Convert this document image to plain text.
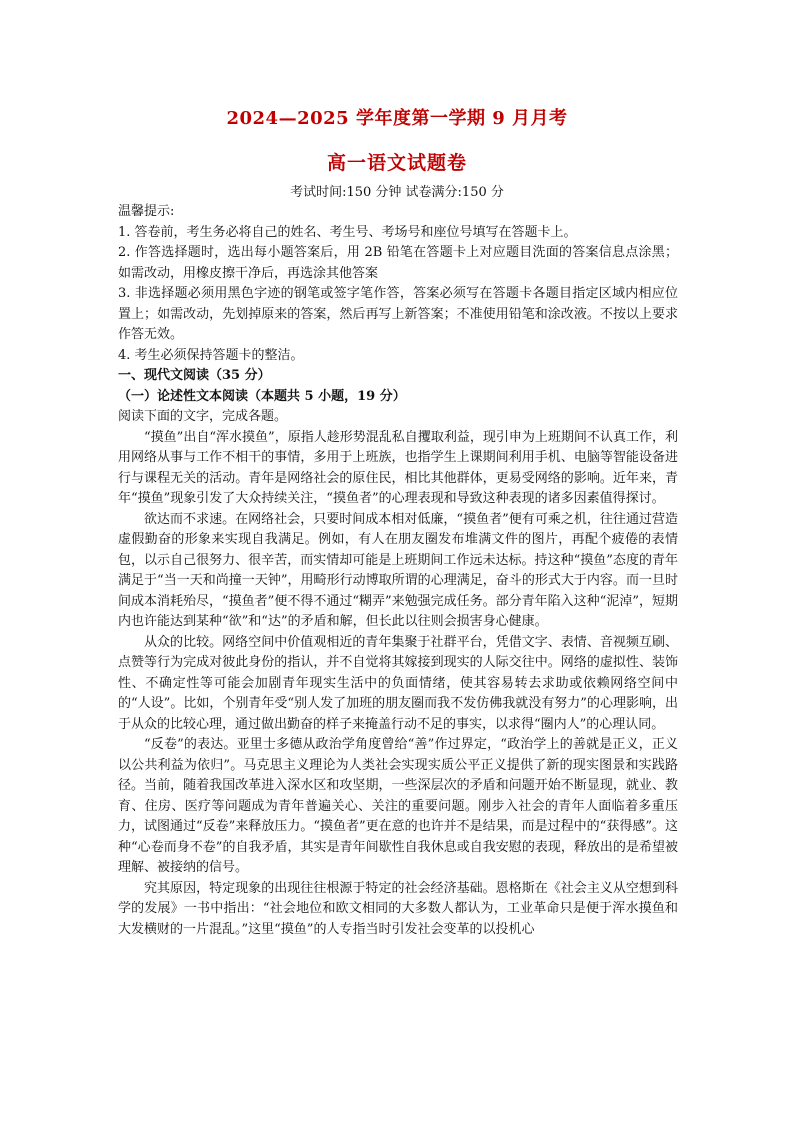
2024—2025 学年度第一学期 9 月月考
高一语文试题卷
考试时间:150 分钟 试卷满分:150 分

温馨提示:

1. 答卷前，考生务必将自己的姓名、考生号、考场号和座位号填写在答题卡上。

2. 作答选择题时，选出每小题答案后，用 2B 铅笔在答题卡上对应题目洗面的答案信息点涂黑；如需改动，用橡皮擦干净后，再选涂其他答案

3. 非选择题必须用黑色字迹的钢笔或签字笔作答，答案必须写在答题卡各题目指定区域内相应位置上；如需改动，先划掉原来的答案，然后再写上新答案；不准使用铅笔和涂改液。不按以上要求作答无效。

4. 考生必须保持答题卡的整洁。

一、现代文阅读（35 分）

（一）论述性文本阅读（本题共 5 小题，19 分）

阅读下面的文字，完成各题。

“摸鱼”出自“浑水摸鱼”，原指人趁形势混乱私自攫取利益，现引申为上班期间不认真工作，利用网络从事与工作不相干的事情，多用于上班族，也指学生上课期间利用手机、电脑等智能设备进行与课程无关的活动。青年是网络社会的原住民，相比其他群体，更易受网络的影响。近年来，青年“摸鱼”现象引发了大众持续关注，“摸鱼者”的心理表现和导致这种表现的诸多因素值得探讨。

欲达而不求速。在网络社会，只要时间成本相对低廉，“摸鱼者”便有可乘之机，往往通过营造虚假勤奋的形象来实现自我满足。例如，有人在朋友圈发布堆满文件的图片，再配个疲倦的表情包，以示自己很努力、很辛苦，而实情却可能是上班期间工作远未达标。持这种“摸鱼”态度的青年满足于“当一天和尚撞一天钟”，用畸形行动博取所谓的心理满足，奋斗的形式大于内容。而一旦时间成本消耗殆尽，“摸鱼者”便不得不通过“糊弄”来勉强完成任务。部分青年陷入这种“泥淖”，短期内也许能达到某种“欲”和“达”的矛盾和解，但长此以往则会损害身心健康。

从众的比较。网络空间中价值观相近的青年集聚于社群平台，凭借文字、表情、音视频互刷、点赞等行为完成对彼此身份的指认，并不自觉将其嫁接到现实的人际交往中。网络的虚拟性、装饰性、不确定性等可能会加剧青年现实生活中的负面情绪，使其容易转去求助或依赖网络空间中的“人设”。比如，个别青年受“别人发了加班的朋友圈而我不发仿佛我就没有努力”的心理影响，出于从众的比较心理，通过做出勤奋的样子来掩盖行动不足的事实，以求得“圈内人”的心理认同。

“反卷”的表达。亚里士多德从政治学角度曾给“善”作过界定，“政治学上的善就是正义，正义以公共利益为依归”。马克思主义理论为人类社会实现实质公平正义提供了新的现实图景和实践路径。当前，随着我国改革进入深水区和攻坚期，一些深层次的矛盾和问题开始不断显现，就业、教育、住房、医疗等问题成为青年普遍关心、关注的重要问题。刚步入社会的青年人面临着多重压力，试图通过“反卷”来释放压力。“摸鱼者”更在意的也许并不是结果，而是过程中的“获得感”。这种“心卷而身不卷”的自我矛盾，其实是青年间歇性自我休息或自我安慰的表现，释放出的是希望被理解、被接纳的信号。

究其原因，特定现象的出现往往根源于特定的社会经济基础。恩格斯在《社会主义从空想到科学的发展》一书中指出：“社会地位和欧文相同的大多数人都认为，工业革命只是便于浑水摸鱼和大发横财的一片混乱。”这里“摸鱼”的人专指当时引发社会变革的以投机心
